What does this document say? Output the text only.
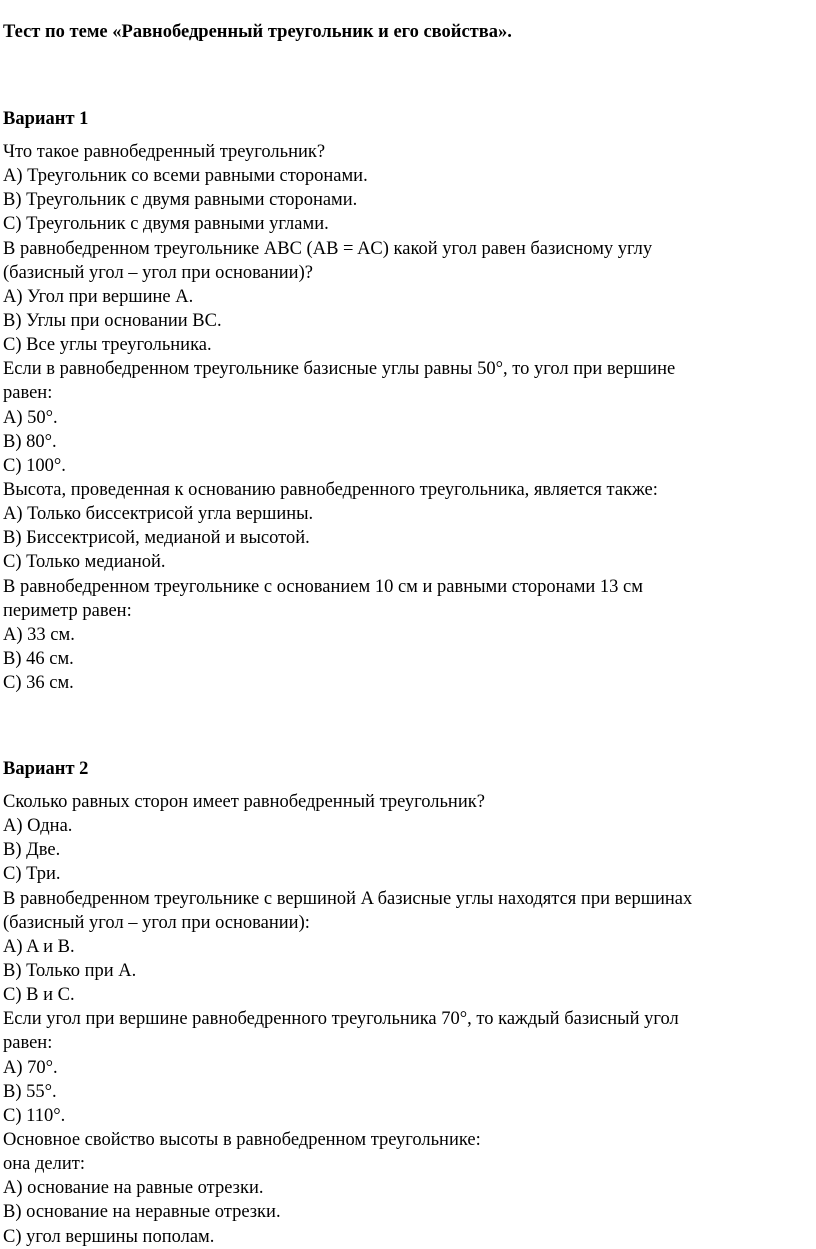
Тест по теме «Равнобедренный треугольник и его свойства».
Вариант 1
Что такое равнобедренный треугольник?
A) Треугольник со всеми равными сторонами.
B) Треугольник с двумя равными сторонами.
C) Треугольник с двумя равными углами.
В равнобедренном треугольнике ABC (AB = AC) какой угол равен базисному углу
(базисный угол – угол при основании)?
A) Угол при вершине A.
B) Углы при основании BC.
C) Все углы треугольника.
Если в равнобедренном треугольнике базисные углы равны 50°, то угол при вершине
равен:
A) 50°.
B) 80°.
C) 100°.
Высота, проведенная к основанию равнобедренного треугольника, является также:
A) Только биссектрисой угла вершины.
B) Биссектрисой, медианой и высотой.
C) Только медианой.
В равнобедренном треугольнике с основанием 10 см и равными сторонами 13 см
периметр равен:
A) 33 см.
B) 46 см.
C) 36 см.
Вариант 2
Сколько равных сторон имеет равнобедренный треугольник?
A) Одна.
B) Две.
C) Три.
В равнобедренном треугольнике с вершиной A базисные углы находятся при вершинах
(базисный угол – угол при основании):
A) A и B.
B) Только при A.
C) B и C.
Если угол при вершине равнобедренного треугольника 70°, то каждый базисный угол
равен:
A) 70°.
B) 55°.
C) 110°.
Основное свойство высоты в равнобедренном треугольнике:
она делит:
A) основание на равные отрезки.
B) основание на неравные отрезки.
C) угол вершины пополам.
